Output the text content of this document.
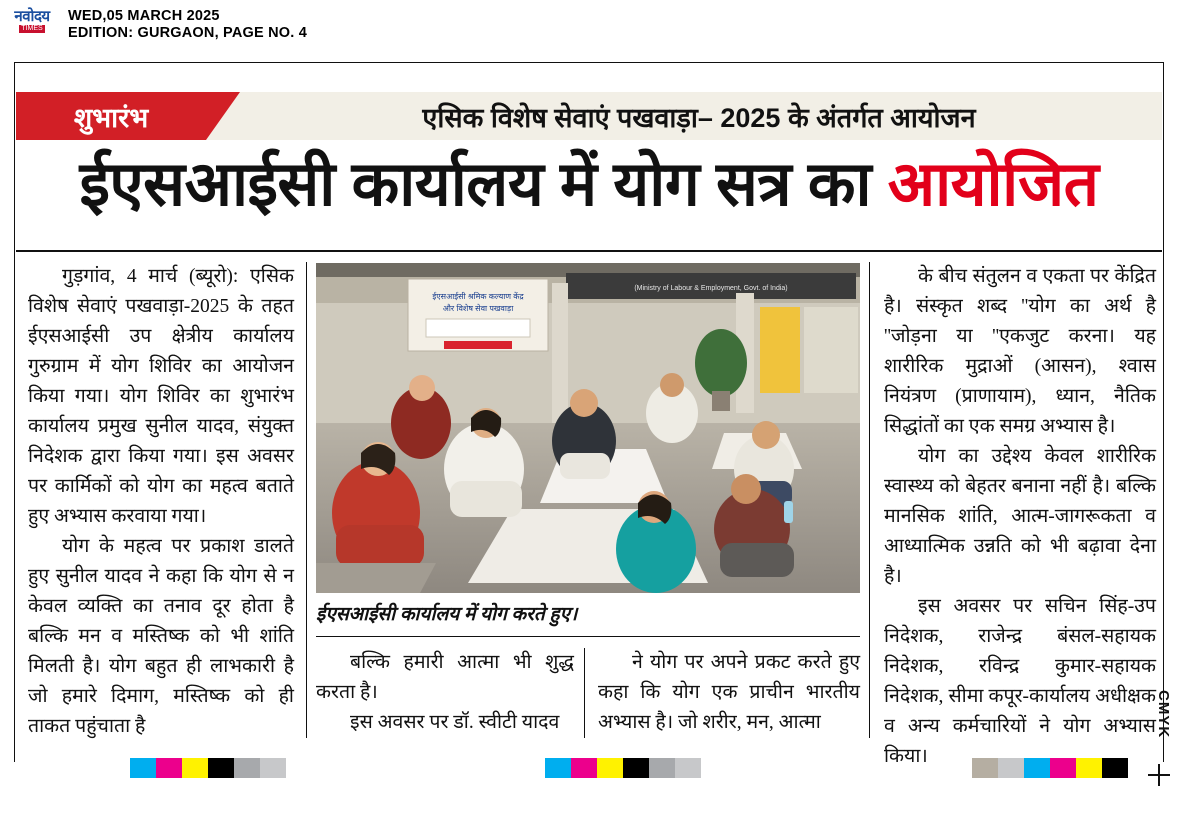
नवोदय
TIMES
WED,05 MARCH 2025
EDITION: GURGAON, PAGE NO. 4
शुभारंभ	एसिक विशेष सेवाएं पखवाड़ा– 2025 के अंतर्गत आयोजन
ईएसआईसी कार्यालय में योग सत्र का आयोजित

गुड़गांव, 4 मार्च (ब्यूरो): एसिक विशेष सेवाएं पखवाड़ा-2025 के तहत ईएसआईसी उप क्षेत्रीय कार्यालय गुरुग्राम में योग शिविर का आयोजन किया गया। योग शिविर का शुभारंभ कार्यालय प्रमुख सुनील यादव, संयुक्त निदेशक द्वारा किया गया। इस अवसर पर कार्मिकों को योग का महत्व बताते हुए अभ्यास करवाया गया।

योग के महत्व पर प्रकाश डालते हुए सुनील यादव ने कहा कि योग से न केवल व्यक्ति का तनाव दूर होता है बल्कि मन व मस्तिष्क को भी शांति मिलती है। योग बहुत ही लाभकारी है जो हमारे दिमाग, मस्तिष्क को ही ताकत पहुंचाता है

ईएसआईसी श्रमिक कल्याण केंद्र
और विशेष सेवा पखवाड़ा
(Ministry of Labour & Employment, Govt. of India)
ईएसआईसी कार्यालय में योग करते हुए।

बल्कि हमारी आत्मा भी शुद्ध करता है।

इस अवसर पर डॉ. स्वीटी यादव

ने योग पर अपने प्रकट करते हुए कहा कि योग एक प्राचीन भारतीय अभ्यास है। जो शरीर, मन, आत्मा

के बीच संतुलन व एकता पर केंद्रित है। संस्कृत शब्द ''योग का अर्थ है ''जोड़ना या ''एकजुट करना। यह शारीरिक मुद्राओं (आसन), श्वास नियंत्रण (प्राणायाम), ध्यान, नैतिक सिद्धांतों का एक समग्र अभ्यास है।

योग का उद्देश्य केवल शारीरिक स्वास्थ्य को बेहतर बनाना नहीं है। बल्कि मानसिक शांति, आत्म-जागरूकता व आध्यात्मिक उन्नति को भी बढ़ावा देना है।

इस अवसर पर सचिन सिंह-उप निदेशक, राजेन्द्र बंसल-सहायक निदेशक, रविन्द्र कुमार-सहायक निदेशक, सीमा कपूर-कार्यालय अधीक्षक व अन्य कर्मचारियों ने योग अभ्यास किया।

CMYK
